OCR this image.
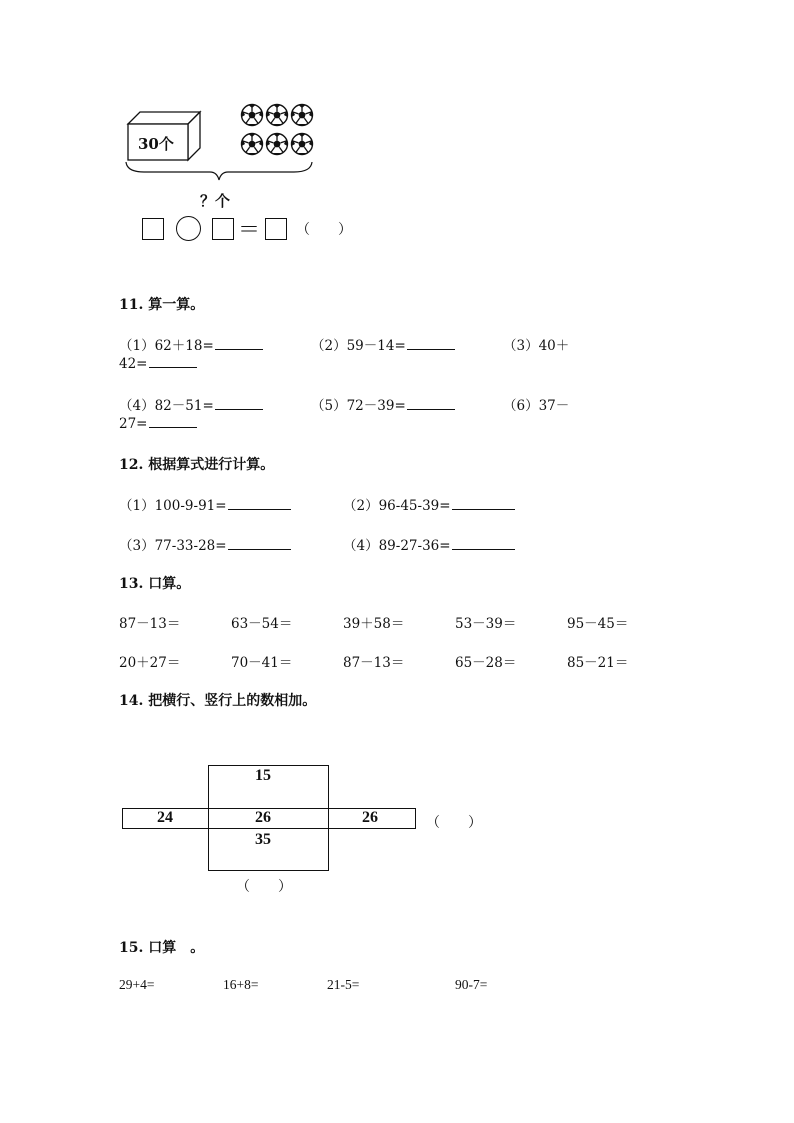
30个
？个
＝	（　　）
11. 算一算。
（1）62＋18=	（2）59－14=	（3）40＋
42=
（4）82－51=	（5）72－39=	（6）37－
27=
12. 根据算式进行计算。
（1）100-9-91=	（2）96-45-39=
（3）77-33-28=	（4）89-27-36=
13. 口算。
87－13＝	63－54＝	39＋58＝	53－39＝	95－45＝
20＋27＝	70－41＝	87－13＝	65－28＝	85－21＝
14. 把横行、竖行上的数相加。
15
24	26	26
35
（　　）
（　　）
15. 口算　。
29+4=	16+8=	21-5=	90-7=
